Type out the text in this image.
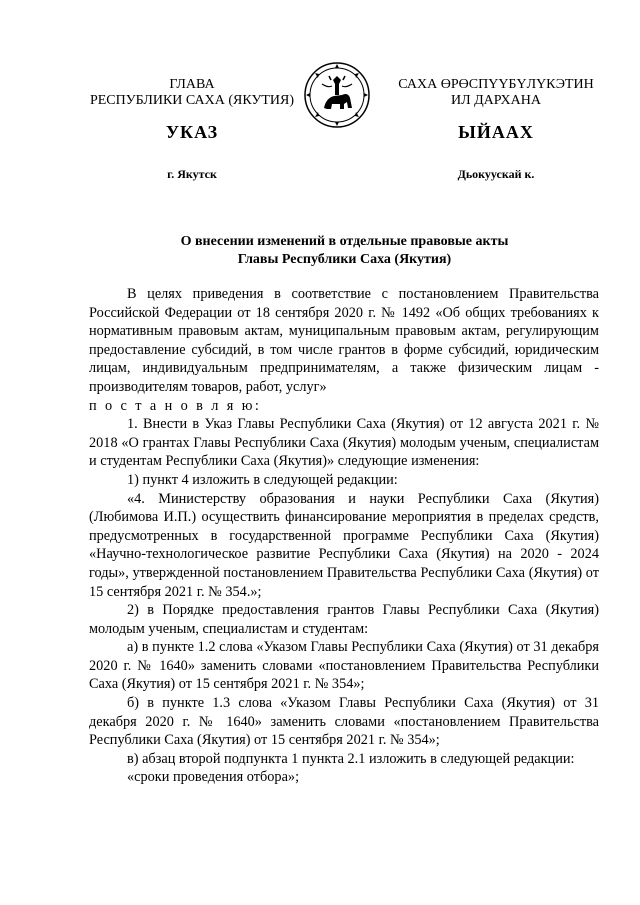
ГЛАВА
РЕСПУБЛИКИ САХА (ЯКУТИЯ)
САХА ӨРӨСПҮҮБҮЛҮКЭТИН
ИЛ ДАРХАНА
УКАЗ	ЫЙААХ
г. Якутск	Дьокуускай к.
О внесении изменений в отдельные правовые акты
Главы Республики Саха (Якутия)

В целях приведения в соответствие с постановлением Правительства Российской Федерации от 18 сентября 2020 г. № 1492 «Об общих требованиях к нормативным правовым актам, муниципальным правовым актам, регулирующим предоставление субсидий, в том числе грантов в форме субсидий, юридическим лицам, индивидуальным предпринимателям, а также физическим лицам - производителям товаров, работ, услуг»

п о с т а н о в л я ю:

1. Внести в Указ Главы Республики Саха (Якутия) от 12 августа 2021 г. № 2018 «О грантах Главы Республики Саха (Якутия) молодым ученым, специалистам и студентам Республики Саха (Якутия)» следующие изменения:

1) пункт 4 изложить в следующей редакции:

«4. Министерству образования и науки Республики Саха (Якутия) (Любимова И.П.) осуществить финансирование мероприятия в пределах средств, предусмотренных в государственной программе Республики Саха (Якутия) «Научно-технологическое развитие Республики Саха (Якутия) на 2020 - 2024 годы», утвержденной постановлением Правительства Республики Саха (Якутия) от 15 сентября 2021 г. № 354.»;

2) в Порядке предоставления грантов Главы Республики Саха (Якутия) молодым ученым, специалистам и студентам:

а) в пункте 1.2 слова «Указом Главы Республики Саха (Якутия) от 31 декабря 2020 г. № 1640» заменить словами «постановлением Правительства Республики Саха (Якутия) от 15 сентября 2021 г. № 354»;

б) в пункте 1.3 слова «Указом Главы Республики Саха (Якутия) от 31 декабря 2020 г. № 1640» заменить словами «постановлением Правительства Республики Саха (Якутия) от 15 сентября 2021 г. № 354»;

в) абзац второй подпункта 1 пункта 2.1 изложить в следующей редакции:

«сроки проведения отбора»;
